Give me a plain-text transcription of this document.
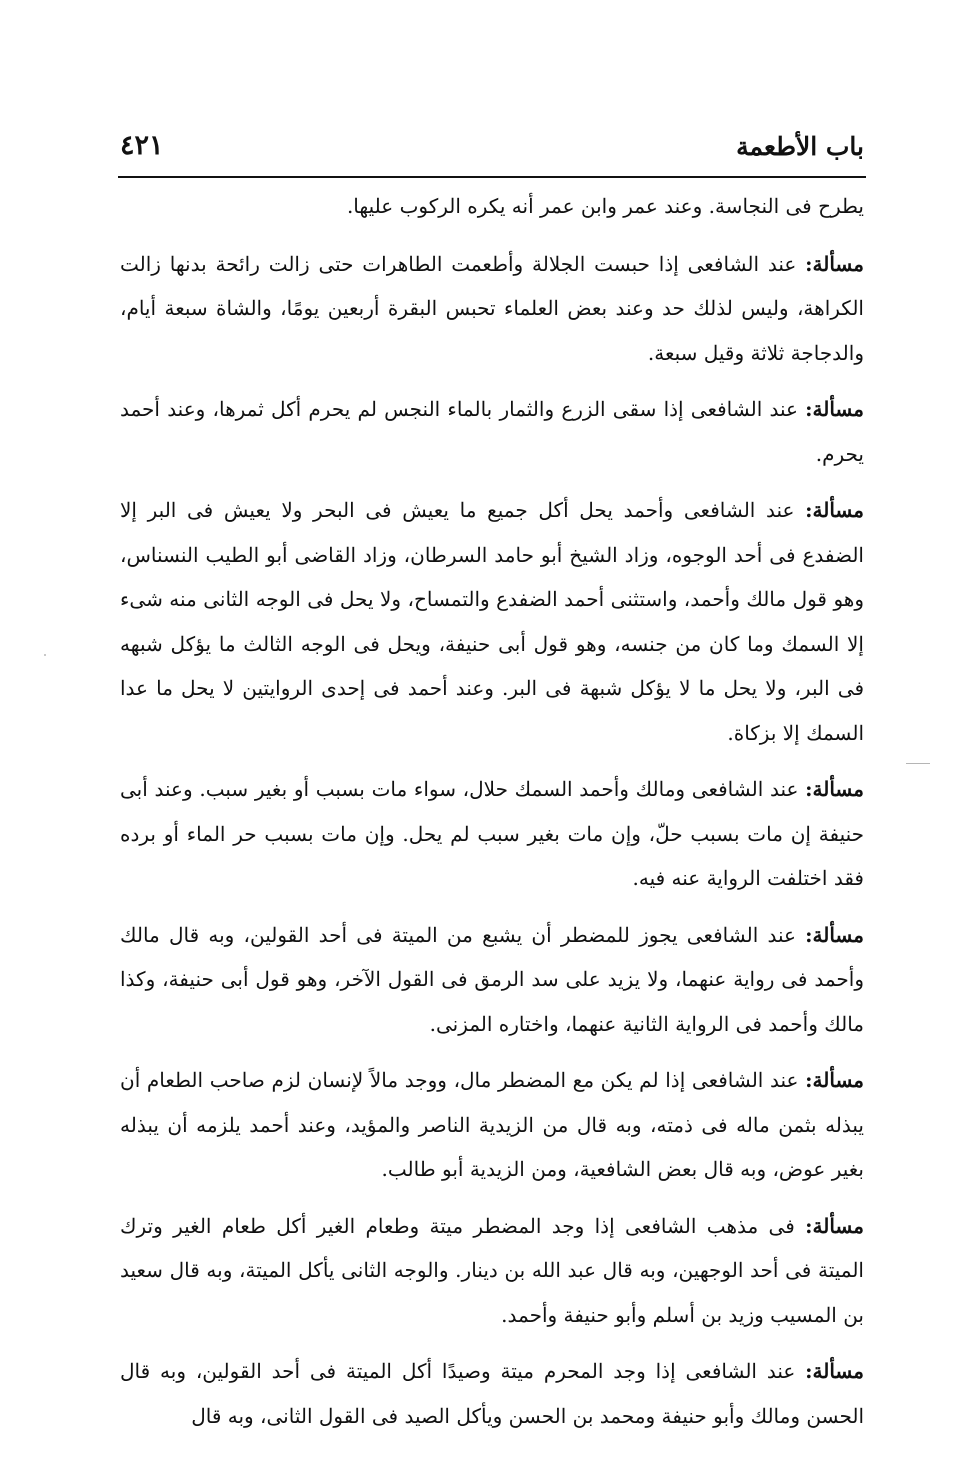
باب الأطعمة
٤٢١

يطرح فى النجاسة. وعند عمر وابن عمر أنه يكره الركوب عليها.

مسألة: عند الشافعى إذا حبست الجلالة وأطعمت الطاهرات حتى زالت رائحة بدنها زالت الكراهة، وليس لذلك حد وعند بعض العلماء تحبس البقرة أربعين يومًا، والشاة سبعة أيام، والدجاجة ثلاثة وقيل سبعة.

مسألة: عند الشافعى إذا سقى الزرع والثمار بالماء النجس لم يحرم أكل ثمرها، وعند أحمد يحرم.

مسألة: عند الشافعى وأحمد يحل أكل جميع ما يعيش فى البحر ولا يعيش فى البر إلا الضفدع فى أحد الوجوه، وزاد الشيخ أبو حامد السرطان، وزاد القاضى أبو الطيب النسناس، وهو قول مالك وأحمد، واستثنى أحمد الضفدع والتمساح، ولا يحل فى الوجه الثانى منه شىء إلا السمك وما كان من جنسه، وهو قول أبى حنيفة، ويحل فى الوجه الثالث ما يؤكل شبهه فى البر، ولا يحل ما لا يؤكل شبهة فى البر. وعند أحمد فى إحدى الروايتين لا يحل ما عدا السمك إلا بزكاة.

مسألة: عند الشافعى ومالك وأحمد السمك حلال، سواء مات بسبب أو بغير سبب. وعند أبى حنيفة إن مات بسبب حلّ، وإن مات بغير سبب لم يحل. وإن مات بسبب حر الماء أو برده فقد اختلفت الرواية عنه فيه.

مسألة: عند الشافعى يجوز للمضطر أن يشبع من الميتة فى أحد القولين، وبه قال مالك وأحمد فى رواية عنهما، ولا يزيد على سد الرمق فى القول الآخر، وهو قول أبى حنيفة، وكذا مالك وأحمد فى الرواية الثانية عنهما، واختاره المزنى.

مسألة: عند الشافعى إذا لم يكن مع المضطر مال، ووجد مالاً لإنسان لزم صاحب الطعام أن يبذله بثمن ماله فى ذمته، وبه قال من الزيدية الناصر والمؤيد، وعند أحمد يلزمه أن يبذله بغير عوض، وبه قال بعض الشافعية، ومن الزيدية أبو طالب.

مسألة: فى مذهب الشافعى إذا وجد المضطر ميتة وطعام الغير أكل طعام الغير وترك الميتة فى أحد الوجهين، وبه قال عبد الله بن دينار. والوجه الثانى يأكل الميتة، وبه قال سعيد بن المسيب وزيد بن أسلم وأبو حنيفة وأحمد.

مسألة: عند الشافعى إذا وجد المحرم ميتة وصيدًا أكل الميتة فى أحد القولين، وبه قال الحسن ومالك وأبو حنيفة ومحمد بن الحسن ويأكل الصيد فى القول الثانى، وبه قال
